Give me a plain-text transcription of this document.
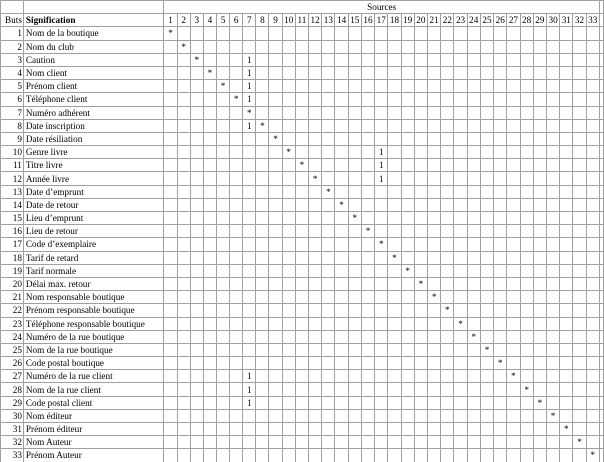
		Sources																																	
Buts	Signification	1	2	3	4	5	6	7	8	9	10	11	12	13	14	15	16	17	18	19	20	21	22	23	24	25	26	27	28	29	30	31	32	33	
1	Nom de la boutique	*																																	
2	Nom du club		*																																
3	Caution			*				1																											
4	Nom client				*			1																											
5	Prénom client					*		1																											
6	Téléphone client						*	1																											
7	Numéro adhérent							*																											
8	Date inscription							1	*																										
9	Date résiliation									*																									
10	Genre livre										*							1																	
11	Titre livre											*						1																	
12	Année livre												*					1																	
13	Date d’emprunt													*																					
14	Date de retour														*																				
15	Lieu d’emprunt															*																			
16	Lieu de retour																*																		
17	Code d’exemplaire																	*																	
18	Tarif de retard																		*																
19	Tarif normale																			*															
20	Délai max. retour																				*														
21	Nom responsable boutique																					*													
22	Prénom responsable boutique																						*												
23	Téléphone responsable boutique																							*											
24	Numéro de la rue boutique																								*										
25	Nom de la rue boutique																									*									
26	Code postal boutique																										*								
27	Numéro de la rue client							1																				*							
28	Nom de la rue client							1																					*						
29	Code postal client							1																						*					
30	Nom éditeur																														*				
31	Prénom éditeur																															*			
32	Nom Auteur																																*		
33	Prénom Auteur																																	*	
